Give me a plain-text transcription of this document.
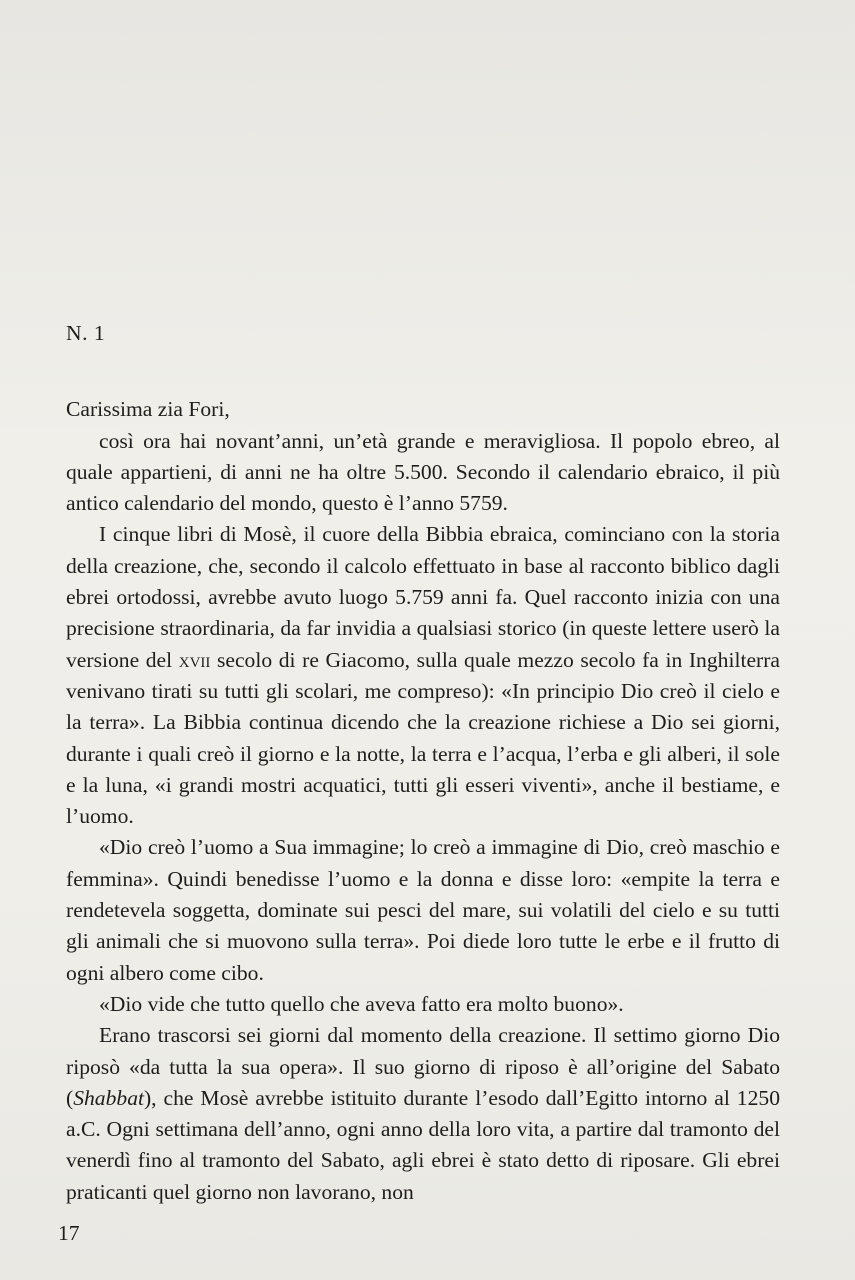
N. 1
Carissima zia Fori,

così ora hai novant’anni, un’età grande e meravigliosa. Il popolo ebreo, al quale appartieni, di anni ne ha oltre 5.500. Secondo il calendario ebraico, il più antico calendario del mondo, questo è l’anno 5759.

I cinque libri di Mosè, il cuore della Bibbia ebraica, cominciano con la storia della creazione, che, secondo il calcolo effettuato in base al racconto biblico dagli ebrei ortodossi, avrebbe avuto luogo 5.759 anni fa. Quel racconto inizia con una precisione straordinaria, da far invidia a qualsiasi storico (in queste lettere userò la versione del xvii secolo di re Giacomo, sulla quale mezzo secolo fa in Inghilterra venivano tirati su tutti gli scolari, me compreso): «In principio Dio creò il cielo e la terra». La Bibbia continua dicendo che la creazione richiese a Dio sei giorni, durante i quali creò il giorno e la notte, la terra e l’acqua, l’erba e gli alberi, il sole e la luna, «i grandi mostri acquatici, tutti gli esseri viventi», anche il bestiame, e l’uomo.

«Dio creò l’uomo a Sua immagine; lo creò a immagine di Dio, creò maschio e femmina». Quindi benedisse l’uomo e la donna e disse loro: «empite la terra e rendetevela soggetta, dominate sui pesci del mare, sui volatili del cielo e su tutti gli animali che si muovono sulla terra». Poi diede loro tutte le erbe e il frutto di ogni albero come cibo.

«Dio vide che tutto quello che aveva fatto era molto buono».

Erano trascorsi sei giorni dal momento della creazione. Il settimo giorno Dio riposò «da tutta la sua opera». Il suo giorno di riposo è all’origine del Sabato (Shabbat), che Mosè avrebbe istituito durante l’esodo dall’Egitto intorno al 1250 a.C. Ogni settimana dell’anno, ogni anno della loro vita, a partire dal tramonto del venerdì fino al tramonto del Sabato, agli ebrei è stato detto di riposare. Gli ebrei praticanti quel giorno non lavorano, non

17
